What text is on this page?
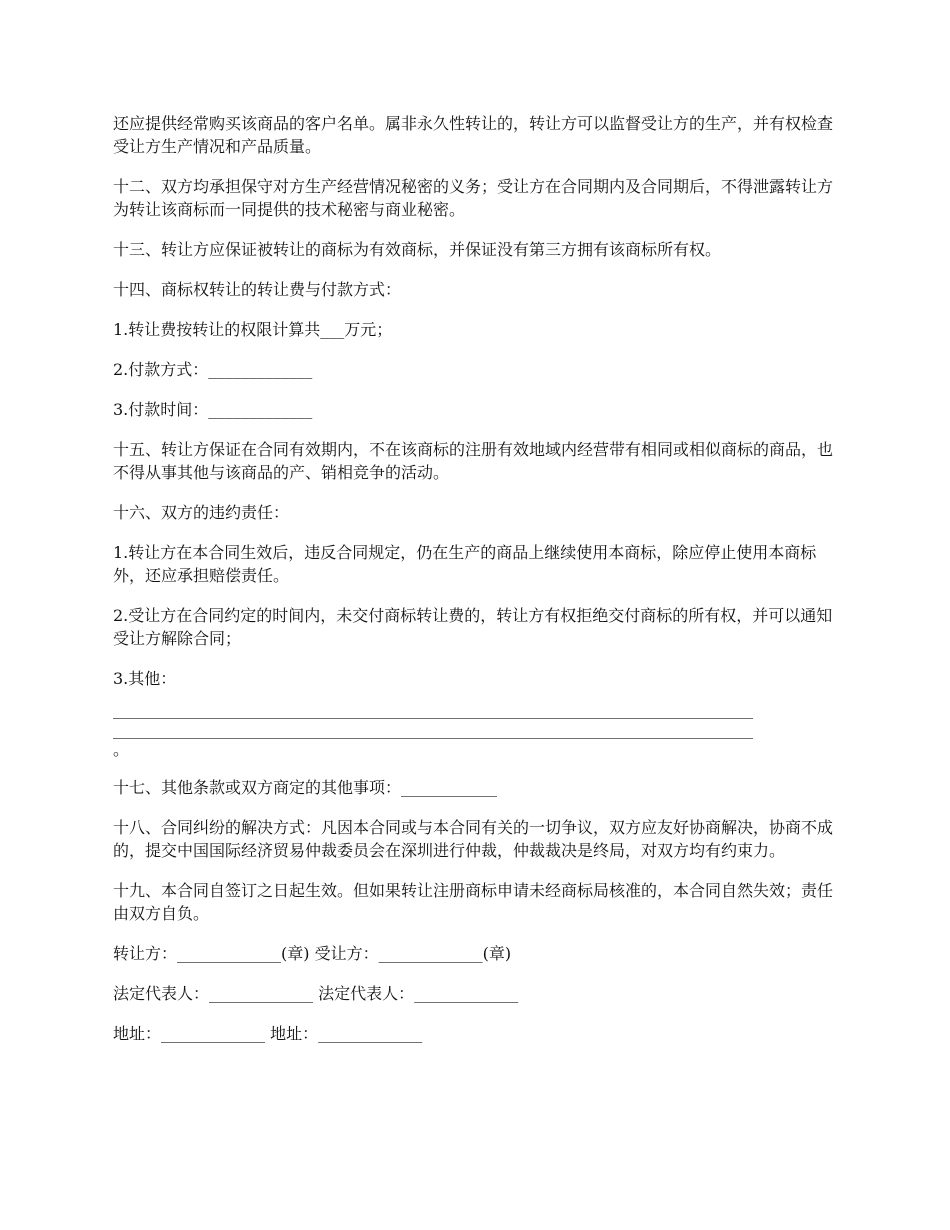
还应提供经常购买该商品的客户名单。属非永久性转让的，转让方可以监督受让方的生产，并有权检查受让方生产情况和产品质量。

十二、双方均承担保守对方生产经营情况秘密的义务；受让方在合同期内及合同期后，不得泄露转让方为转让该商标而一同提供的技术秘密与商业秘密。

十三、转让方应保证被转让的商标为有效商标，并保证没有第三方拥有该商标所有权。

十四、商标权转让的转让费与付款方式：

1.转让费按转让的权限计算共___万元；

2.付款方式：_____________

3.付款时间：_____________

十五、转让方保证在合同有效期内，不在该商标的注册有效地域内经营带有相同或相似商标的商品，也不得从事其他与该商品的产、销相竞争的活动。

十六、双方的违约责任：

1.转让方在本合同生效后，违反合同规定，仍在生产的商品上继续使用本商标，除应停止使用本商标外，还应承担赔偿责任。

2.受让方在合同约定的时间内，未交付商标转让费的，转让方有权拒绝交付商标的所有权，并可以通知受让方解除合同；

3.其他：

________________________________________________________________________________

________________________________________________________________________________

。

十七、其他条款或双方商定的其他事项：____________

十八、合同纠纷的解决方式：凡因本合同或与本合同有关的一切争议，双方应友好协商解决，协商不成的，提交中国国际经济贸易仲裁委员会在深圳进行仲裁，仲裁裁决是终局，对双方均有约束力。

十九、本合同自签订之日起生效。但如果转让注册商标申请未经商标局核准的，本合同自然失效；责任由双方自负。

转让方：_____________(章) 受让方：_____________(章)

法定代表人：_____________ 法定代表人：_____________

地址：_____________ 地址：_____________
